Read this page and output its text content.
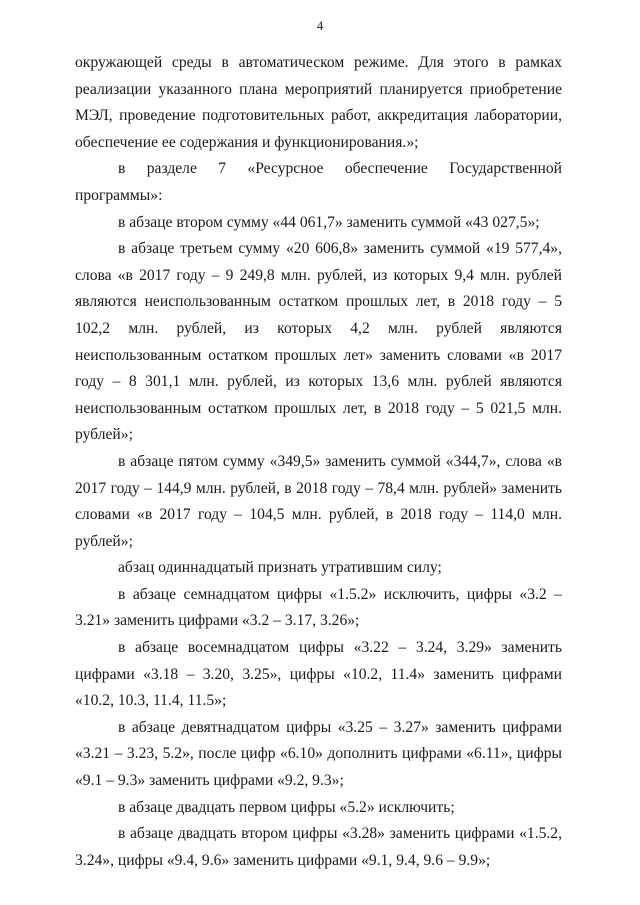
4

окружающей среды в автоматическом режиме. Для этого в рамках реализации указанного плана мероприятий планируется приобретение МЭЛ, проведение подготовительных работ, аккредитация лаборатории, обеспечение ее содержания и функционирования.»;

в разделе 7 «Ресурсное обеспечение Государственной программы»:

в абзаце втором сумму «44 061,7» заменить суммой «43 027,5»;

в абзаце третьем сумму «20 606,8» заменить суммой «19 577,4», слова «в 2017 году – 9 249,8 млн. рублей, из которых 9,4 млн. рублей являются неиспользованным остатком прошлых лет, в 2018 году – 5 102,2 млн. рублей, из которых 4,2 млн. рублей являются неиспользованным остатком прошлых лет» заменить словами «в 2017 году – 8 301,1 млн. рублей, из которых 13,6 млн. рублей являются неиспользованным остатком прошлых лет, в 2018 году – 5 021,5 млн. рублей»;

в абзаце пятом сумму «349,5» заменить суммой «344,7», слова «в 2017 году – 144,9 млн. рублей, в 2018 году – 78,4 млн. рублей» заменить словами «в 2017 году – 104,5 млн. рублей, в 2018 году – 114,0 млн. рублей»;

абзац одиннадцатый признать утратившим силу;

в абзаце семнадцатом цифры «1.5.2» исключить, цифры «3.2 – 3.21» заменить цифрами «3.2 – 3.17, 3.26»;

в абзаце восемнадцатом цифры «3.22 – 3.24, 3.29» заменить цифрами «3.18 – 3.20, 3.25», цифры «10.2, 11.4» заменить цифрами «10.2, 10.3, 11.4, 11.5»;

в абзаце девятнадцатом цифры «3.25 – 3.27» заменить цифрами «3.21 – 3.23, 5.2», после цифр «6.10» дополнить цифрами «6.11», цифры «9.1 – 9.3» заменить цифрами «9.2, 9.3»;

в абзаце двадцать первом цифры «5.2» исключить;

в абзаце двадцать втором цифры «3.28» заменить цифрами «1.5.2, 3.24», цифры «9.4, 9.6» заменить цифрами «9.1, 9.4, 9.6 – 9.9»;
